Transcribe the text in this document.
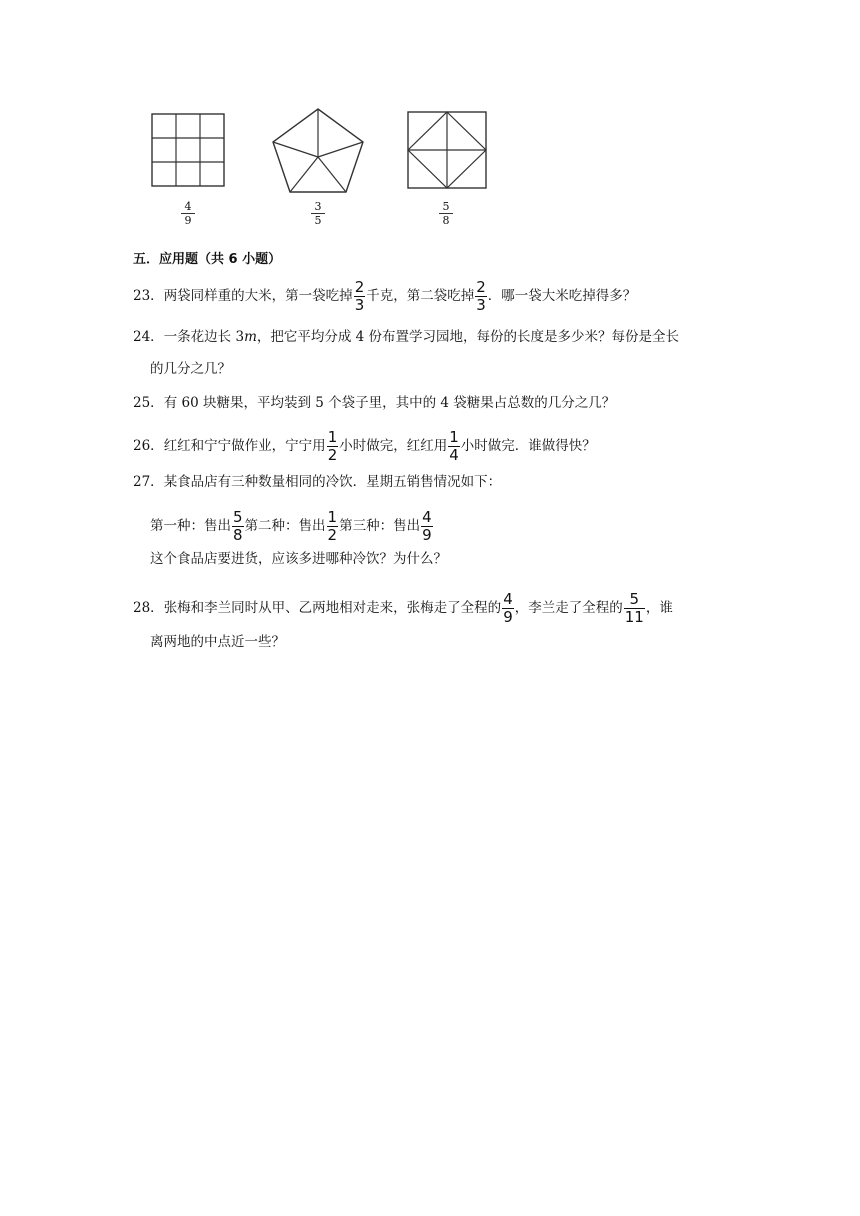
4
9
3
5
5
8
五．应用题（共 6 小题）
23．两袋同样重的大米，第一袋吃掉 $\frac{2}{3}$ 千克，第二袋吃掉 $\frac{2}{3}$ ．哪一袋大米吃掉得多？
24．一条花边长 3m，把它平均分成 4 份布置学习园地，每份的长度是多少米？每份是全长
的几分之几？
25．有 60 块糖果，平均装到 5 个袋子里，其中的 4 袋糖果占总数的几分之几？
26．红红和宁宁做作业，宁宁用 $\frac{1}{2}$ 小时做完，红红用 $\frac{1}{4}$ 小时做完．谁做得快？
27．某食品店有三种数量相同的冷饮．星期五销售情况如下：
第一种：售出 $\frac{5}{8}$ 第二种：售出 $\frac{1}{2}$ 第三种：售出 $\frac{4}{9}$
这个食品店要进货，应该多进哪种冷饮？为什么？
28．张梅和李兰同时从甲、乙两地相对走来，张梅走了全程的 $\frac{4}{9}$ ，李兰走了全程的 $\frac{5}{11}$ ，谁
离两地的中点近一些？
